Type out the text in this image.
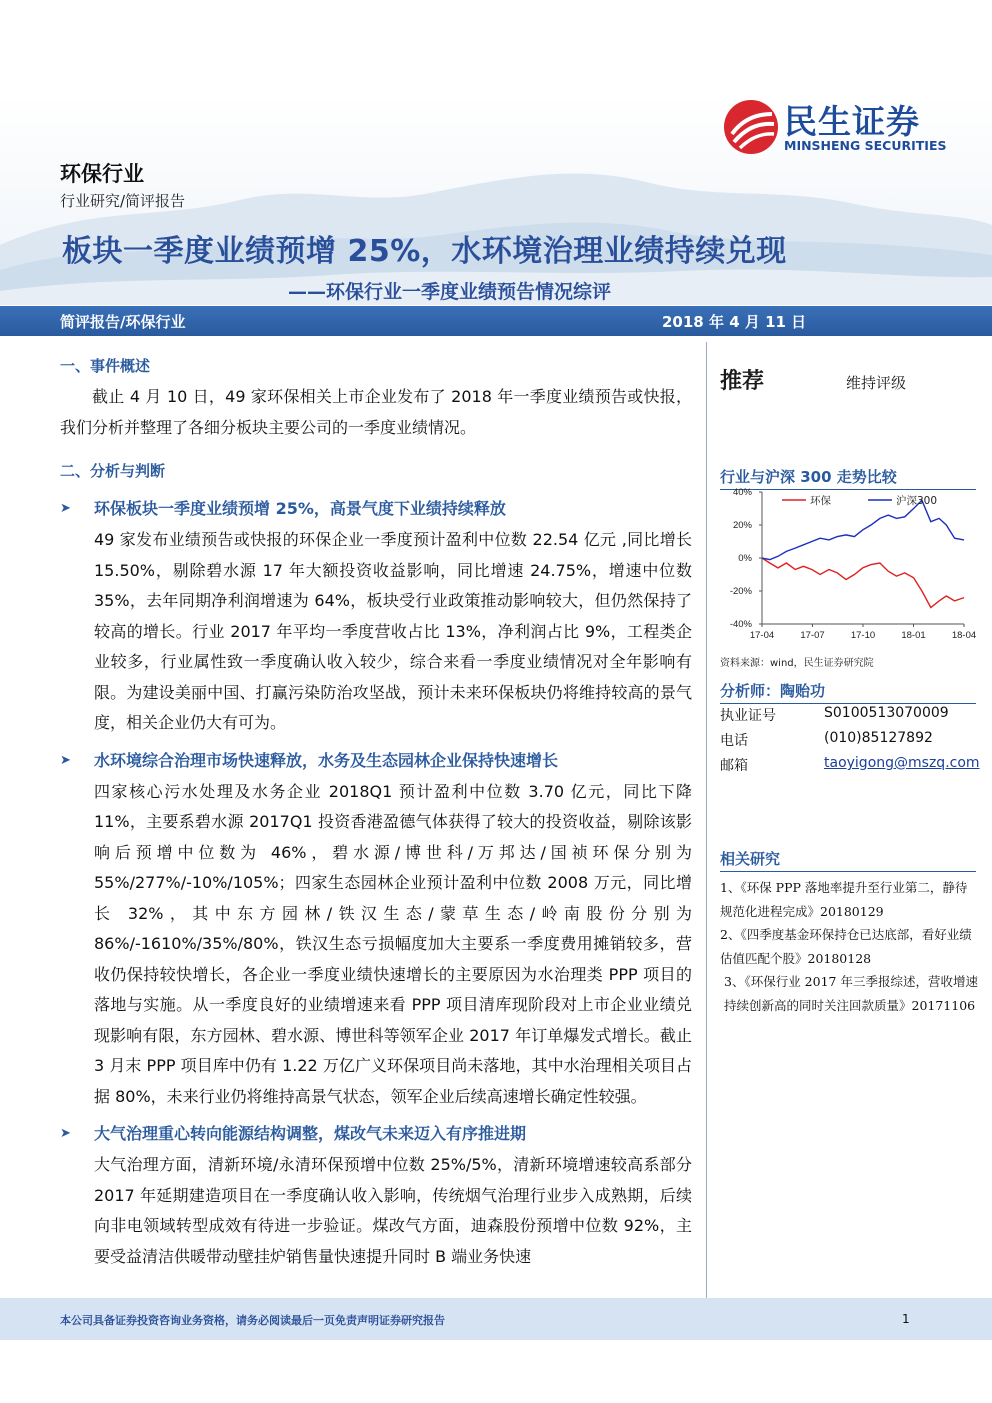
民生证券
MINSHENG SECURITIES
环保行业
行业研究/简评报告
板块一季度业绩预增 25%，水环境治理业绩持续兑现
——环保行业一季度业绩预告情况综评
简评报告/环保行业	2018 年 4 月 11 日
一、事件概述

截止 4 月 10 日，49 家环保相关上市企业发布了 2018 年一季度业绩预告或快报，我们分析并整理了各细分板块主要公司的一季度业绩情况。

二、分析与判断
➤ 环保板块一季度业绩预增 25%，高景气度下业绩持续释放

49 家发布业绩预告或快报的环保企业一季度预计盈利中位数 22.54 亿元 ,同比增长 15.50%，剔除碧水源 17 年大额投资收益影响，同比增速 24.75%，增速中位数 35%，去年同期净利润增速为 64%，板块受行业政策推动影响较大，但仍然保持了较高的增长。行业 2017 年平均一季度营收占比 13%，净利润占比 9%，工程类企业较多，行业属性致一季度确认收入较少，综合来看一季度业绩情况对全年影响有限。为建设美丽中国、打赢污染防治攻坚战，预计未来环保板块仍将维持较高的景气度，相关企业仍大有可为。

➤ 水环境综合治理市场快速释放，水务及生态园林企业保持快速增长

四家核心污水处理及水务企业 2018Q1 预计盈利中位数 3.70 亿元，同比下降 11%，主要系碧水源 2017Q1 投资香港盈德气体获得了较大的投资收益，剔除该影响后预增中位数为 46%，碧水源/博世科/万邦达/国祯环保分别为 55%/277%/-10%/105%；四家生态园林企业预计盈利中位数 2008 万元，同比增长 32%，其中东方园林/铁汉生态/蒙草生态/岭南股份分别为 86%/-1610%/35%/80%，铁汉生态亏损幅度加大主要系一季度费用摊销较多，营收仍保持较快增长，各企业一季度业绩快速增长的主要原因为水治理类 PPP 项目的落地与实施。从一季度良好的业绩增速来看 PPP 项目清库现阶段对上市企业业绩兑现影响有限，东方园林、碧水源、博世科等领军企业 2017 年订单爆发式增长。截止 3 月末 PPP 项目库中仍有 1.22 万亿广义环保项目尚未落地，其中水治理相关项目占据 80%，未来行业仍将维持高景气状态，领军企业后续高速增长确定性较强。

➤ 大气治理重心转向能源结构调整，煤改气未来迈入有序推进期

大气治理方面，清新环境/永清环保预增中位数 25%/5%，清新环境增速较高系部分 2017 年延期建造项目在一季度确认收入影响，传统烟气治理行业步入成熟期，后续向非电领域转型成效有待进一步验证。煤改气方面，迪森股份预增中位数 92%，主要受益清洁供暖带动壁挂炉销售量快速提升同时 B 端业务快速

推荐	维持评级
行业与沪深 300 走势比较
40%
20%
0%
-20%
-40%
17-04	17-07	17-10	18-01	18-04
环保	沪深300
资料来源：wind，民生证券研究院
分析师：陶贻功
执业证号	S0100513070009
电话	(010)85127892
邮箱	taoyigong@mszq.com
相关研究
1、《环保 PPP 落地率提升至行业第二，静待规范化进程完成》20180129
2、《四季度基金环保持仓已达底部，看好业绩估值匹配个股》20180128
3、《环保行业 2017 年三季报综述，营收增速持续创新高的同时关注回款质量》20171106
本公司具备证券投资咨询业务资格，请务必阅读最后一页免责声明证券研究报告	1
